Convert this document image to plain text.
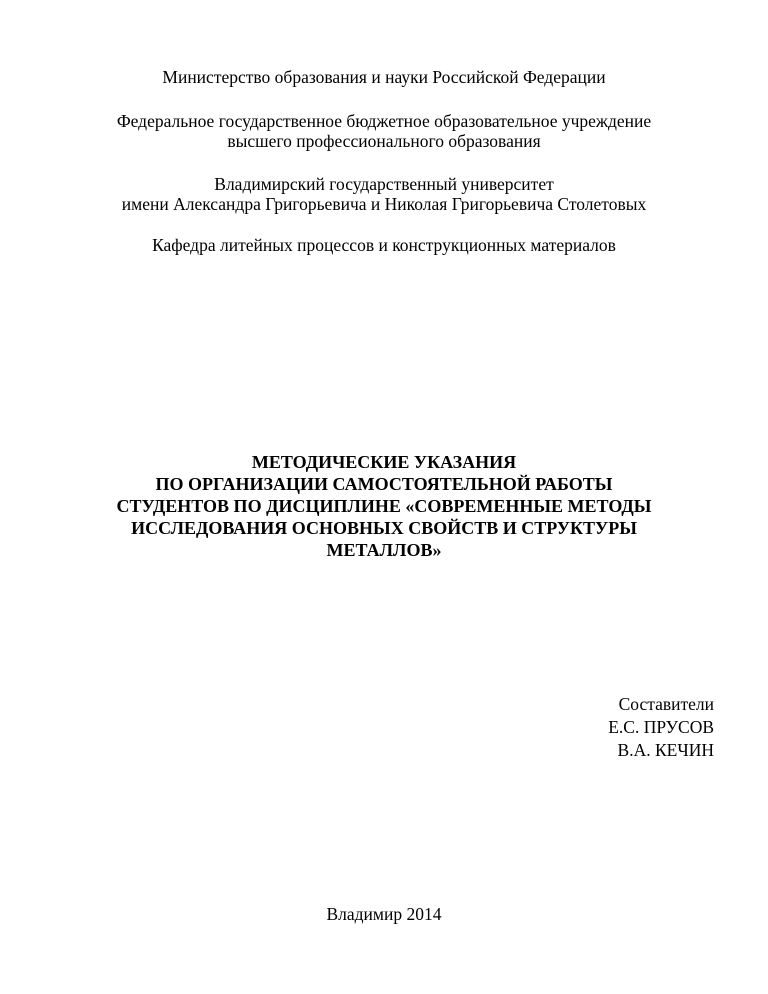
Министерство образования и науки Российской Федерации
Федеральное государственное бюджетное образовательное учреждение
высшего профессионального образования
Владимирский государственный университет
имени Александра Григорьевича и Николая Григорьевича Столетовых
Кафедра литейных процессов и конструкционных материалов
МЕТОДИЧЕСКИЕ УКАЗАНИЯ
ПО ОРГАНИЗАЦИИ САМОСТОЯТЕЛЬНОЙ РАБОТЫ
СТУДЕНТОВ ПО ДИСЦИПЛИНЕ «СОВРЕМЕННЫЕ МЕТОДЫ
ИССЛЕДОВАНИЯ ОСНОВНЫХ СВОЙСТВ И СТРУКТУРЫ
МЕТАЛЛОВ»
Составители
Е.С. ПРУСОВ
В.А. КЕЧИН
Владимир 2014
